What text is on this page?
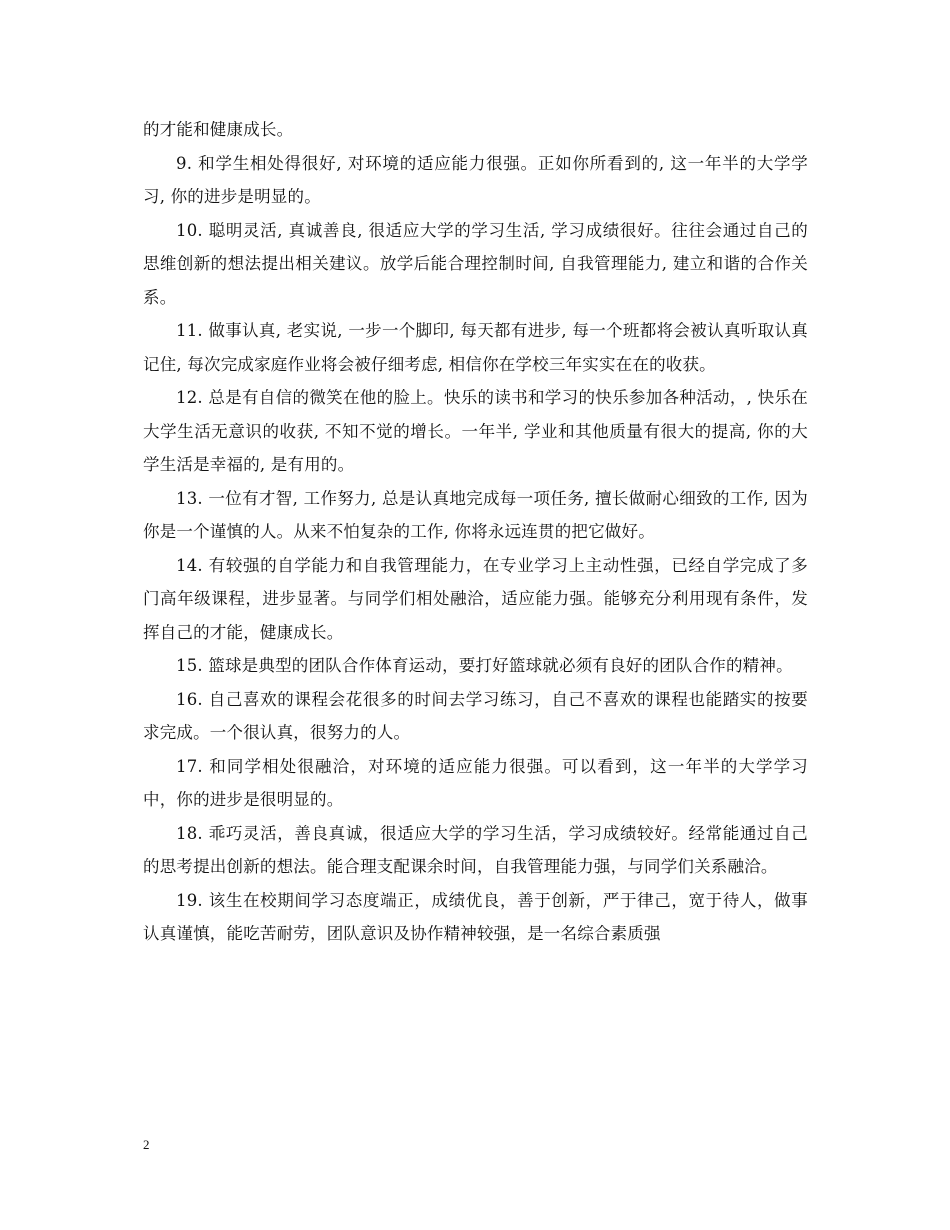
的才能和健康成长。

9. 和学生相处得很好, 对环境的适应能力很强。正如你所看到的, 这一年半的大学学习, 你的进步是明显的。

10. 聪明灵活, 真诚善良, 很适应大学的学习生活, 学习成绩很好。往往会通过自己的思维创新的想法提出相关建议。放学后能合理控制时间, 自我管理能力, 建立和谐的合作关系。

11. 做事认真, 老实说, 一步一个脚印, 每天都有进步, 每一个班都将会被认真听取认真记住, 每次完成家庭作业将会被仔细考虑, 相信你在学校三年实实在在的收获。

12. 总是有自信的微笑在他的脸上。快乐的读书和学习的快乐参加各种活动，, 快乐在大学生活无意识的收获, 不知不觉的增长。一年半, 学业和其他质量有很大的提高, 你的大学生活是幸福的, 是有用的。

13. 一位有才智, 工作努力, 总是认真地完成每一项任务, 擅长做耐心细致的工作, 因为你是一个谨慎的人。从来不怕复杂的工作, 你将永远连贯的把它做好。

14. 有较强的自学能力和自我管理能力，在专业学习上主动性强，已经自学完成了多门高年级课程，进步显著。与同学们相处融洽，适应能力强。能够充分利用现有条件，发挥自己的才能，健康成长。

15. 篮球是典型的团队合作体育运动，要打好篮球就必须有良好的团队合作的精神。

16. 自己喜欢的课程会花很多的时间去学习练习，自己不喜欢的课程也能踏实的按要求完成。一个很认真，很努力的人。

17. 和同学相处很融洽，对环境的适应能力很强。可以看到，这一年半的大学学习中，你的进步是很明显的。

18. 乖巧灵活，善良真诚，很适应大学的学习生活，学习成绩较好。经常能通过自己的思考提出创新的想法。能合理支配课余时间，自我管理能力强，与同学们关系融洽。

19. 该生在校期间学习态度端正，成绩优良，善于创新，严于律己，宽于待人，做事认真谨慎，能吃苦耐劳，团队意识及协作精神较强，是一名综合素质强

2
